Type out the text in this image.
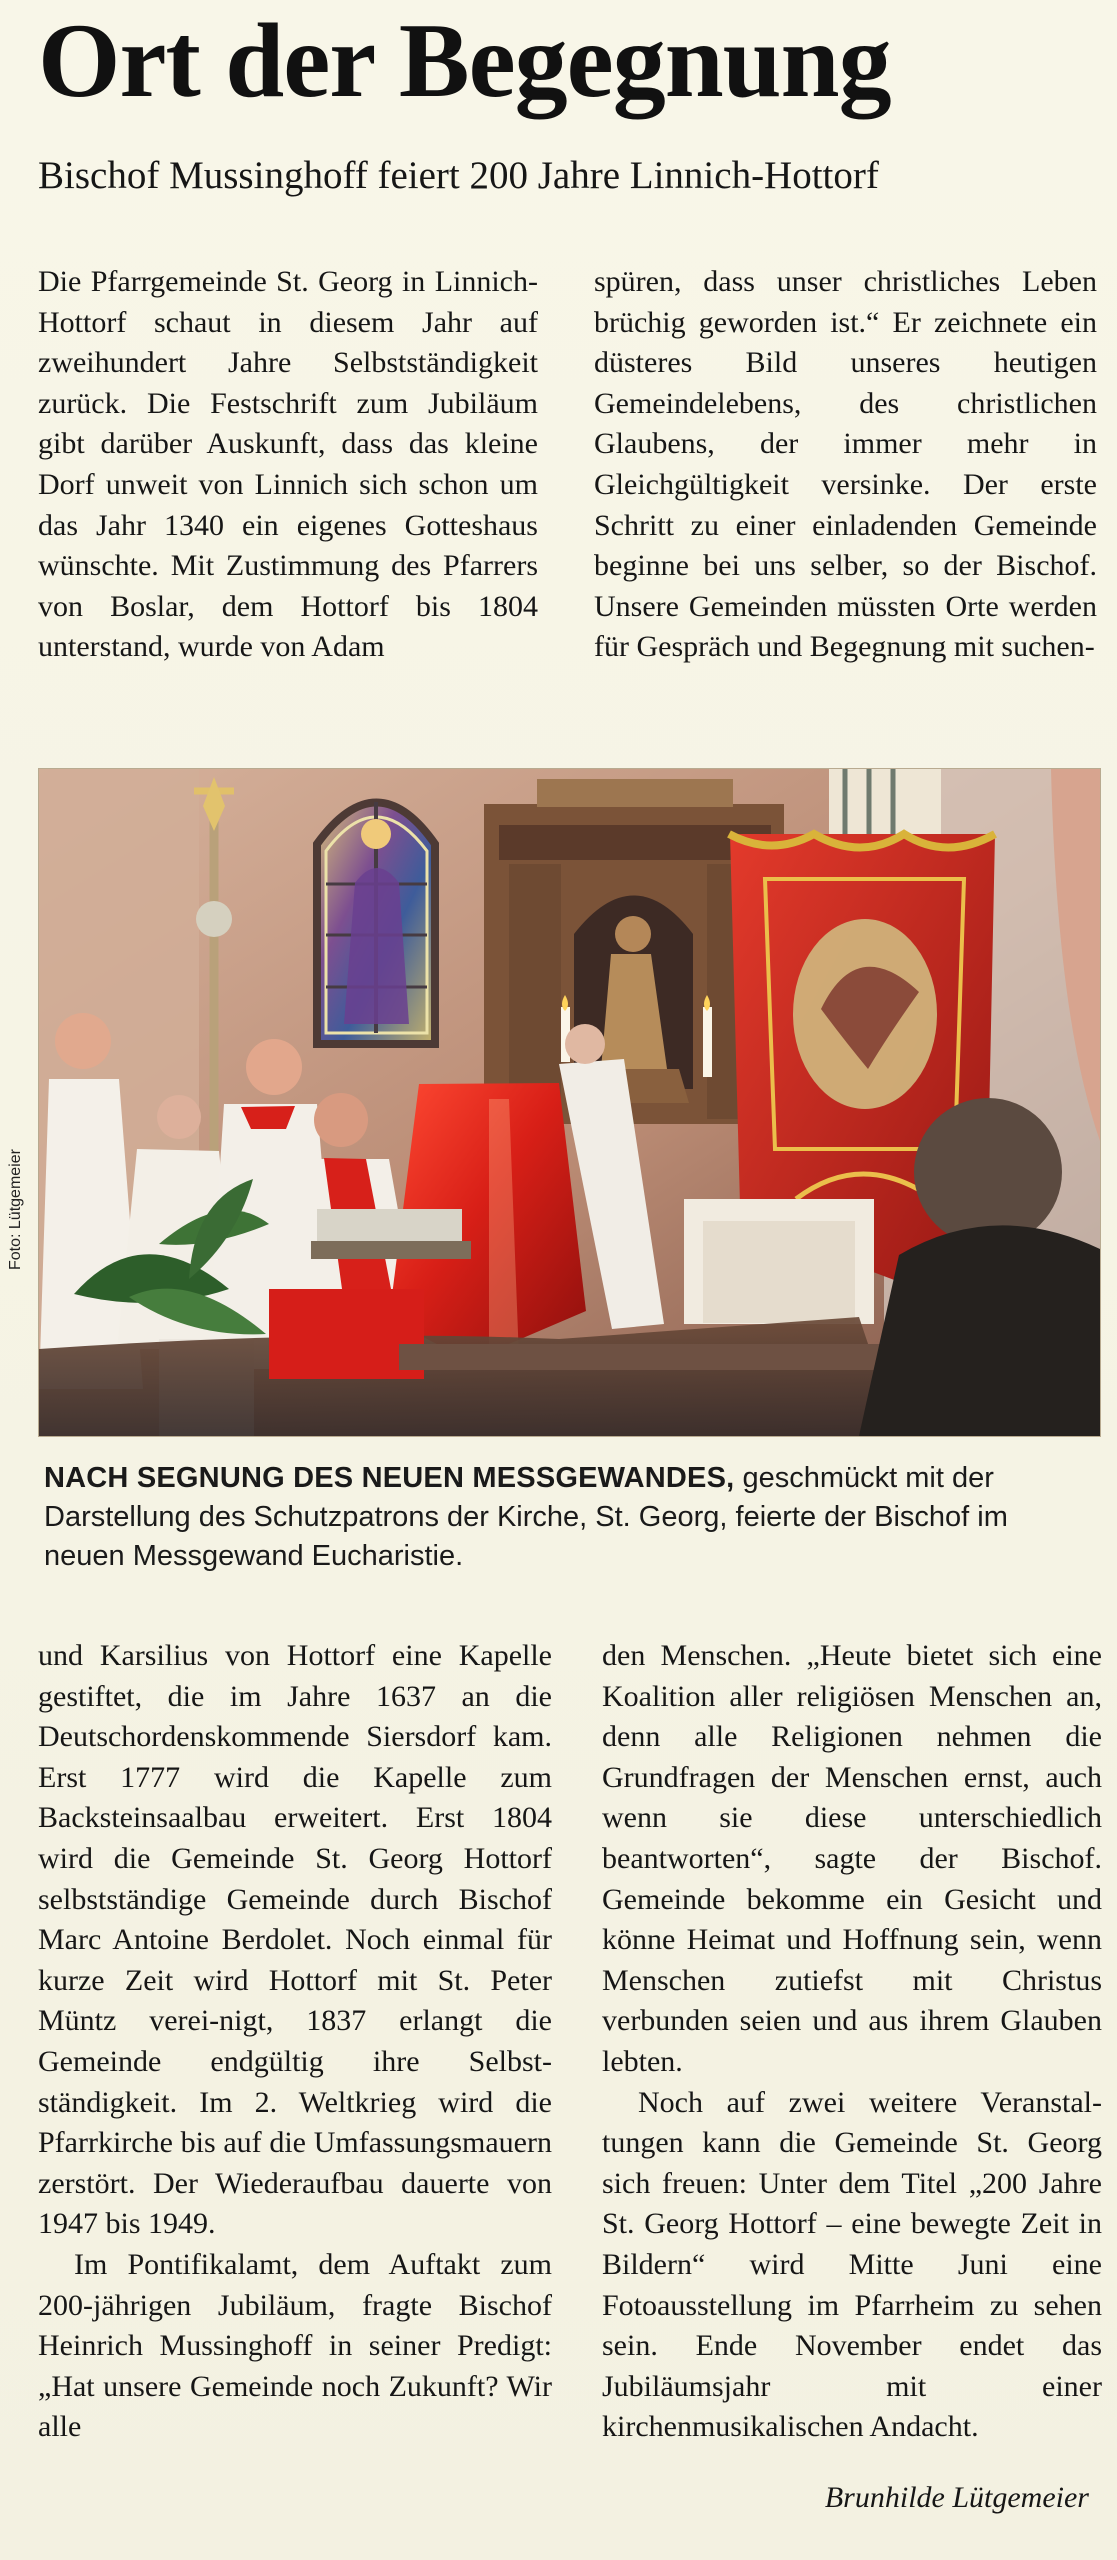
Ort der Begegnung
Bischof Mussinghoff feiert 200 Jahre Linnich-Hottorf

Die Pfarrgemeinde St. Georg in Linnich-Hottorf schaut in diesem Jahr auf zweihundert Jahre Selbstständigkeit zurück. Die Festschrift zum Jubiläum gibt darüber Auskunft, dass das kleine Dorf unweit von Linnich sich schon um das Jahr 1340 ein eigenes Gotteshaus wünschte. Mit Zustimmung des Pfarrers von Boslar, dem Hottorf bis 1804 unterstand, wurde von Adam

spüren, dass unser christliches Leben brüchig geworden ist.“ Er zeichnete ein düsteres Bild unseres heutigen Gemeindelebens, des christlichen Glaubens, der immer mehr in Gleichgültigkeit versinke. Der erste Schritt zu einer einladenden Gemeinde beginne bei uns selber, so der Bischof. Unsere Gemeinden müssten Orte werden für Gespräch und Begegnung mit suchen-

Foto: Lütgemeier

NACH SEGNUNG DES NEUEN MESSGEWANDES, geschmückt mit der Darstellung des Schutzpatrons der Kirche, St. Georg, feierte der Bischof im neuen Messgewand Eucharistie.

und Karsilius von Hottorf eine Kapelle gestiftet, die im Jahre 1637 an die Deutschordenskommende Siersdorf kam. Erst 1777 wird die Kapelle zum Backsteinsaalbau erweitert. Erst 1804 wird die Gemeinde St. Georg Hottorf selbstständige Gemeinde durch Bischof Marc Antoine Berdolet. Noch einmal für kurze Zeit wird Hottorf mit St. Peter Müntz verei-nigt, 1837 erlangt die Gemeinde endgültig ihre Selbstständigkeit. Im 2. Weltkrieg wird die Pfarrkirche bis auf die Umfassungsmauern zerstört. Der Wiederaufbau dauerte von 1947 bis 1949.

Im Pontifikalamt, dem Auftakt zum 200-jährigen Jubiläum, fragte Bischof Heinrich Mussinghoff in seiner Predigt: „Hat unsere Gemeinde noch Zukunft? Wir alle

den Menschen. „Heute bietet sich eine Koalition aller religiösen Menschen an, denn alle Religionen nehmen die Grundfragen der Menschen ernst, auch wenn sie diese unterschiedlich beantworten“, sagte der Bischof. Gemeinde bekomme ein Gesicht und könne Heimat und Hoffnung sein, wenn Menschen zutiefst mit Christus verbunden seien und aus ihrem Glauben lebten.

Noch auf zwei weitere Veranstaltungen kann die Gemeinde St. Georg sich freuen: Unter dem Titel „200 Jahre St. Georg Hottorf – eine bewegte Zeit in Bildern“ wird Mitte Juni eine Fotoausstellung im Pfarrheim zu sehen sein. Ende November endet das Jubiläumsjahr mit einer kirchenmusikalischen Andacht.

Brunhilde Lütgemeier
